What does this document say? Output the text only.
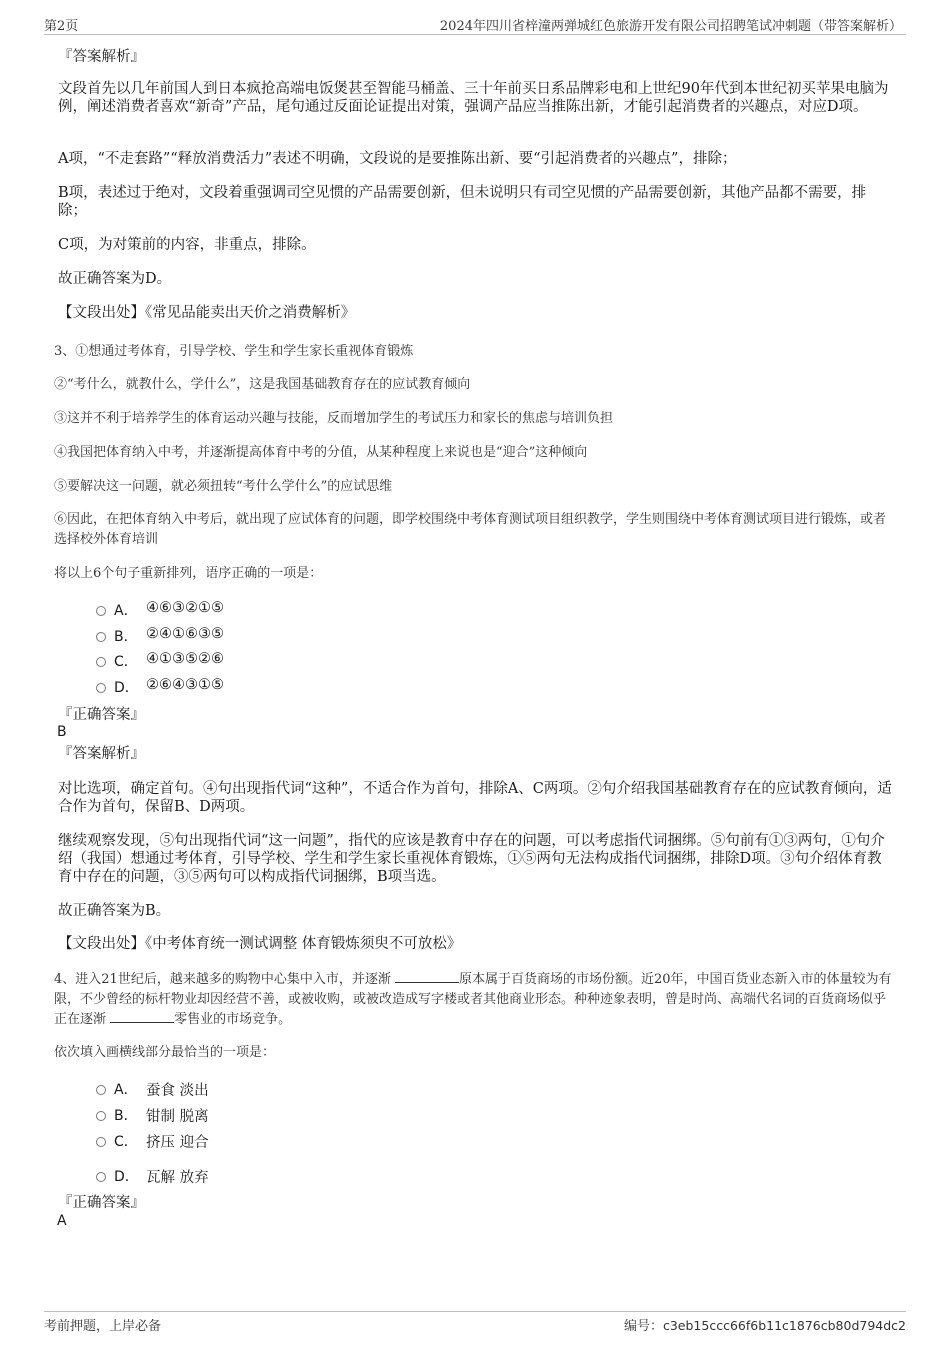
第2页	2024年四川省梓潼两弹城红色旅游开发有限公司招聘笔试冲刺题（带答案解析）
『答案解析』
文段首先以几年前国人到日本疯抢高端电饭煲甚至智能马桶盖、三十年前买日系品牌彩电和上世纪90年代到本世纪初买苹果电脑为例，阐述消费者喜欢“新奇”产品，尾句通过反面论证提出对策，强调产品应当推陈出新，才能引起消费者的兴趣点，对应D项。
A项，“不走套路”“释放消费活力”表述不明确，文段说的是要推陈出新、要“引起消费者的兴趣点”，排除；
B项，表述过于绝对，文段着重强调司空见惯的产品需要创新，但未说明只有司空见惯的产品需要创新，其他产品都不需要，排除；
C项，为对策前的内容，非重点，排除。
故正确答案为D。
【文段出处】《常见品能卖出天价之消费解析》
3、①想通过考体育，引导学校、学生和学生家长重视体育锻炼
②“考什么，就教什么，学什么”，这是我国基础教育存在的应试教育倾向
③这并不利于培养学生的体育运动兴趣与技能，反而增加学生的考试压力和家长的焦虑与培训负担
④我国把体育纳入中考，并逐渐提高体育中考的分值，从某种程度上来说也是“迎合”这种倾向
⑤要解决这一问题，就必须扭转“考什么学什么”的应试思维
⑥因此，在把体育纳入中考后，就出现了应试体育的问题，即学校围绕中考体育测试项目组织教学，学生则围绕中考体育测试项目进行锻炼，或者选择校外体育培训
将以上6个句子重新排列，语序正确的一项是：
A． ④⑥③②①⑤
B． ②④①⑥③⑤
C． ④①③⑤②⑥
D． ②⑥④③①⑤
『正确答案』
B
『答案解析』
对比选项，确定首句。④句出现指代词“这种”，不适合作为首句，排除A、C两项。②句介绍我国基础教育存在的应试教育倾向，适合作为首句，保留B、D两项。
继续观察发现，⑤句出现指代词“这一问题”，指代的应该是教育中存在的问题，可以考虑指代词捆绑。⑤句前有①③两句，①句介绍（我国）想通过考体育，引导学校、学生和学生家长重视体育锻炼，①⑤两句无法构成指代词捆绑，排除D项。③句介绍体育教育中存在的问题，③⑤两句可以构成指代词捆绑，B项当选。
故正确答案为B。
【文段出处】《中考体育统一测试调整 体育锻炼须臾不可放松》
4、进入21世纪后，越来越多的购物中心集中入市，并逐渐	原本属于百货商场的市场份额。近20年，中国百货业态新入市的体量较为有限，不少曾经的标杆物业却因经营不善，或被收购，或被改造成写字楼或者其他商业形态。种种迹象表明，曾是时尚、高端代名词的百货商场似乎正在逐渐	零售业的市场竞争。
依次填入画横线部分最恰当的一项是：
A． 蚕食 淡出
B． 钳制 脱离
C． 挤压 迎合
D． 瓦解 放弃
『正确答案』
A
考前押题，上岸必备	编号：c3eb15ccc66f6b11c1876cb80d794dc2
